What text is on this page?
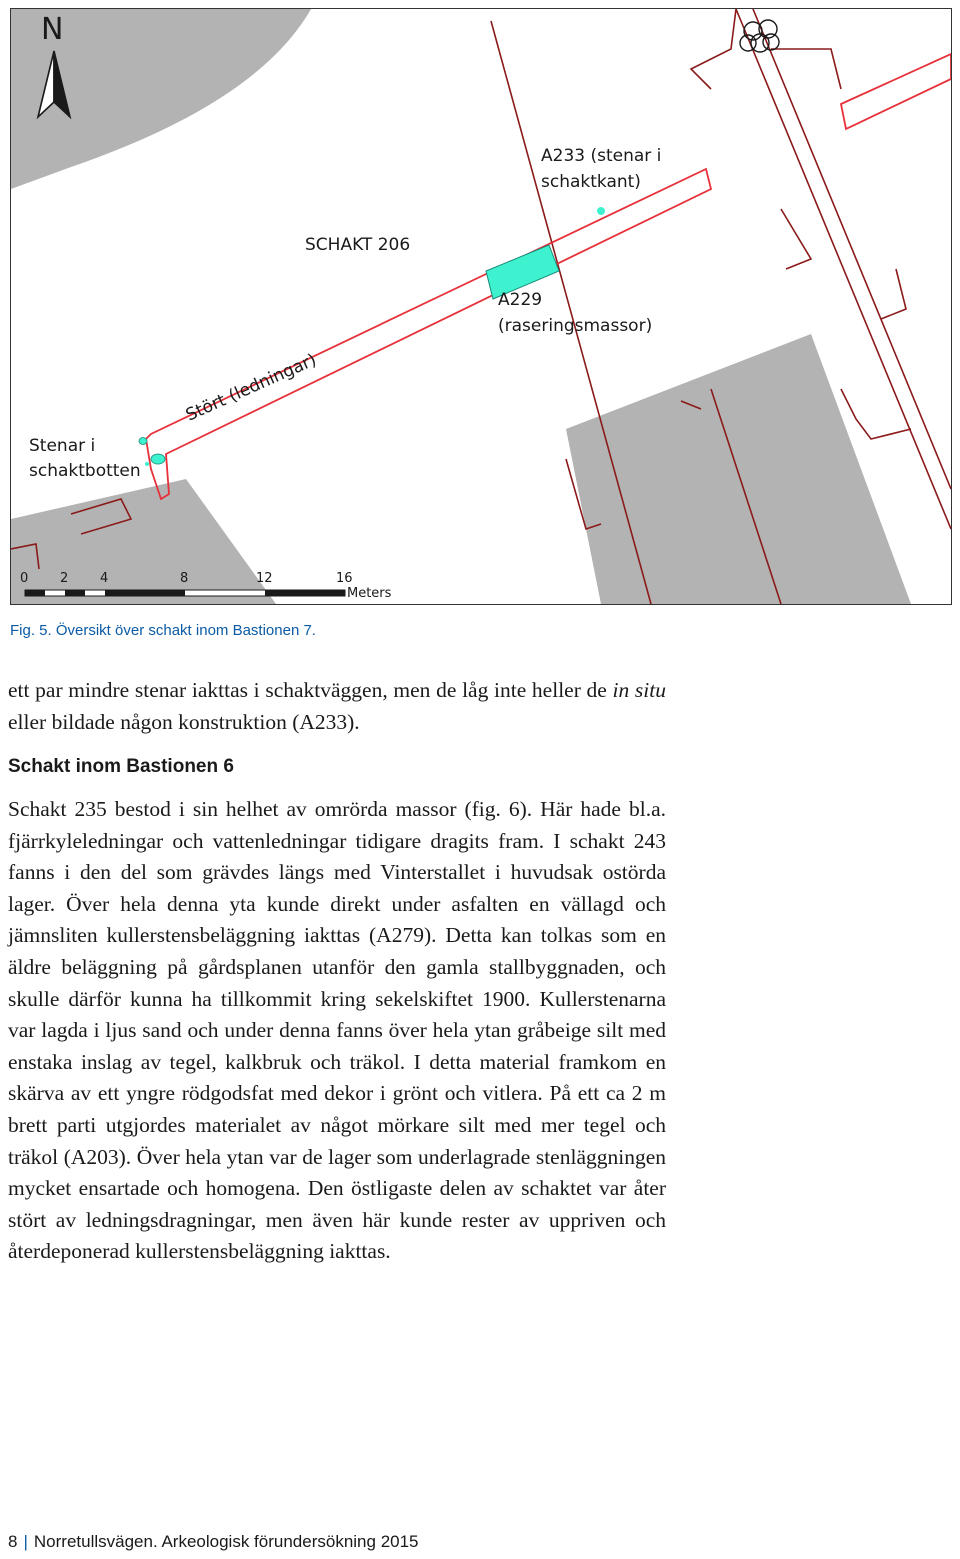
N
A233 (stenar i
schaktkant)
SCHAKT 206
A229
(raseringsmassor)
Stört (ledningar)
Stenar i
schaktbotten
0 2 4	8	12	16
Meters

Fig. 5. Översikt över schakt inom Bastionen 7.

ett par mindre stenar iakttas i schaktväggen, men de låg inte heller de in situ eller bildade någon konstruktion (A233).

Schakt inom Bastionen 6

Schakt 235 bestod i sin helhet av omrörda massor (fig. 6). Här hade bl.a. fjärrkyleledningar och vattenledningar tidigare dragits fram. I schakt 243 fanns i den del som grävdes längs med Vinterstallet i huvudsak ostörda lager. Över hela denna yta kunde direkt under asfalten en vällagd och jämnsliten kullerstensbeläggning iakttas (A279). Detta kan tolkas som en äldre beläggning på gårdsplanen utanför den gamla stallbyggnaden, och skulle därför kunna ha tillkommit kring sekelskiftet 1900. Kullerstenarna var lagda i ljus sand och under denna fanns över hela ytan gråbeige silt med enstaka inslag av tegel, kalkbruk och träkol. I detta material framkom en skärva av ett yngre rödgodsfat med dekor i grönt och vitlera. På ett ca 2 m brett parti utgjordes materialet av något mörkare silt med mer tegel och träkol (A203). Över hela ytan var de lager som underlagrade stenläggningen mycket ensartade och homogena. Den östligaste delen av schaktet var åter stört av ledningsdragningar, men även här kunde rester av uppriven och återdeponerad kullerstensbeläggning iakttas.

8 | Norretullsvägen. Arkeologisk förundersökning 2015
